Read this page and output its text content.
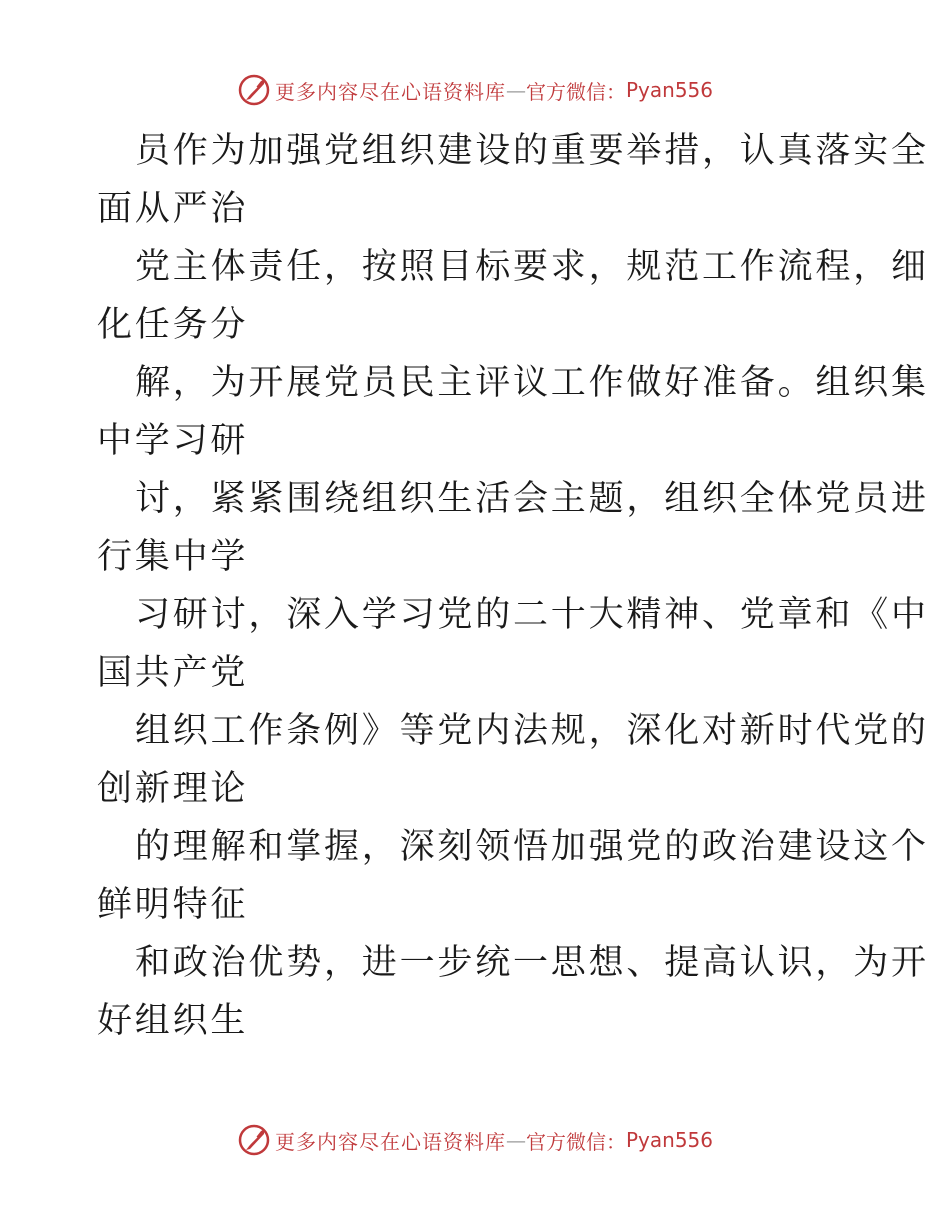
更多内容尽在心语资料库 — 官方微信： Pyan556
员作为加强党组织建设的重要举措，认真落实全
面从严治
党主体责任，按照目标要求，规范工作流程，细
化任务分
解，为开展党员民主评议工作做好准备。组织集
中学习研
讨，紧紧围绕组织生活会主题，组织全体党员进
行集中学
习研讨，深入学习党的二十大精神、党章和《中
国共产党
组织工作条例》等党内法规，深化对新时代党的
创新理论
的理解和掌握，深刻领悟加强党的政治建设这个
鲜明特征
和政治优势，进一步统一思想、提高认识，为开
好组织生
更多内容尽在心语资料库 — 官方微信： Pyan556
